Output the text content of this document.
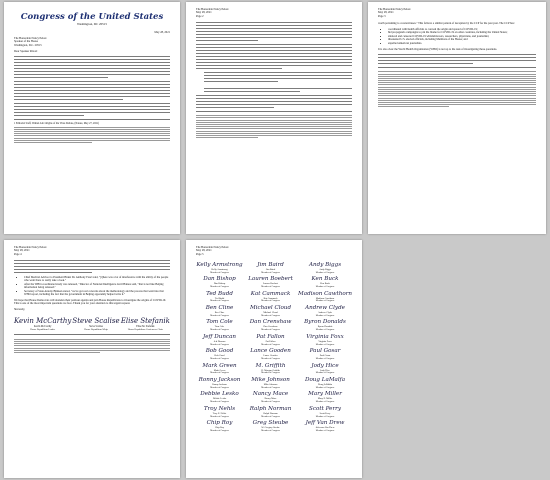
Congress of the United States
Washington, DC 20515
May 28, 2021
The Honorable Nancy Pelosi
Speaker of the House
Washington, D.C. 20515
Dear Speaker Pelosi:
1 Editorial Staff, Wuhan Lab Origins of the Virus Debate, (Nature, May 27, 2021)
The Honorable Nancy Pelosi
May 28, 2021
Page 2
The Honorable Nancy Pelosi
May 28, 2021
Page 3
worth pertaining to coronaviruses." This follows a similar pattern of deception by the CCP for the past year. The CCP has:
• coordinated with health officials to conceal the origin and spread of COVID-19;
• hid propaganda campaigns to pin the blame for COVID-19 on other countries, including the United States;
• silenced and censored COVID-19 whistleblowers, researchers, physicians, and journalists;
• threatened U.S. elected officials, including Members of the House; and
• expelled American journalists.
It is also clear the World Health Organization (WHO) is not up to the task of investigating these questions.
The Honorable Nancy Pelosi
May 28, 2021
Page 4
• Chief Medical Advisor to President Biden Dr. Anthony Fauci said, "[t]here was a lot of interference with the ability of the people who went there to really take a look."
• After the WHO-coordinated study was released, "Director of National Intelligence Avril Haines said, "that is not like Beijing information being released."
• Secretary of State Antony Blinken stated, "we've got real concerns about the methodology and the process that went into that WHO report, including the fact that the government in Beijing apparently helped write it."
We hope that House Democrats will abandon their partisan agenda and join House Republicans to investigate the origins of COVID-19. This is one of the most important questions we face. Thank you for your attention to this urgent request.
Sincerely,
Kevin McCarthy
Kevin McCarthy
House Republican Leader
Steve Scalise
Steve Scalise
House Republican Whip
Elise Stefanik
Elise M. Stefanik
House Republican Conference Chair
The Honorable Nancy Pelosi
May 28, 2021
Page 5
Kelly Armstrong
Kelly Armstrong
Member of Congress
Jim Baird
Jim Baird
Member of Congress
Andy Biggs
Andy Biggs
Member of Congress
Dan Bishop
Dan Bishop
Member of Congress
Lauren Boebert
Lauren Boebert
Member of Congress
Ken Buck
Ken Buck
Member of Congress
Ted Budd
Ted Budd
Member of Congress
Kat Cammack
Kat Cammack
Member of Congress
Madison Cawthorn
Madison Cawthorn
Member of Congress
Ben Cline
Ben Cline
Member of Congress
Michael Cloud
Michael Cloud
Member of Congress
Andrew Clyde
Andrew Clyde
Member of Congress
Tom Cole
Tom Cole
Member of Congress
Dan Crenshaw
Dan Crenshaw
Member of Congress
Byron Donalds
Byron Donalds
Member of Congress
Jeff Duncan
Jeff Duncan
Member of Congress
Pat Fallon
Pat Fallon
Member of Congress
Virginia Foxx
Virginia Foxx
Member of Congress
Bob Good
Bob Good
Member of Congress
Lance Gooden
Lance Gooden
Member of Congress
Paul Gosar
Paul Gosar
Member of Congress
Mark Green
Mark Green
Member of Congress
M. Griffith
H. Morgan Griffith
Member of Congress
Jody Hice
Jody Hice
Member of Congress
Ronny Jackson
Ronny Jackson
Member of Congress
Mike Johnson
Mike Johnson
Member of Congress
Doug LaMalfa
Doug LaMalfa
Member of Congress
Debbie Lesko
Debbie Lesko
Member of Congress
Nancy Mace
Nancy Mace
Member of Congress
Mary Miller
Mary E. Miller
Member of Congress
Troy Nehls
Troy E. Nehls
Member of Congress
Ralph Norman
Ralph Norman
Member of Congress
Scott Perry
Scott Perry
Member of Congress
Chip Roy
Chip Roy
Member of Congress
Greg Steube
W. Gregory Steube
Member of Congress
Jeff Van Drew
Jefferson Van Drew
Member of Congress
